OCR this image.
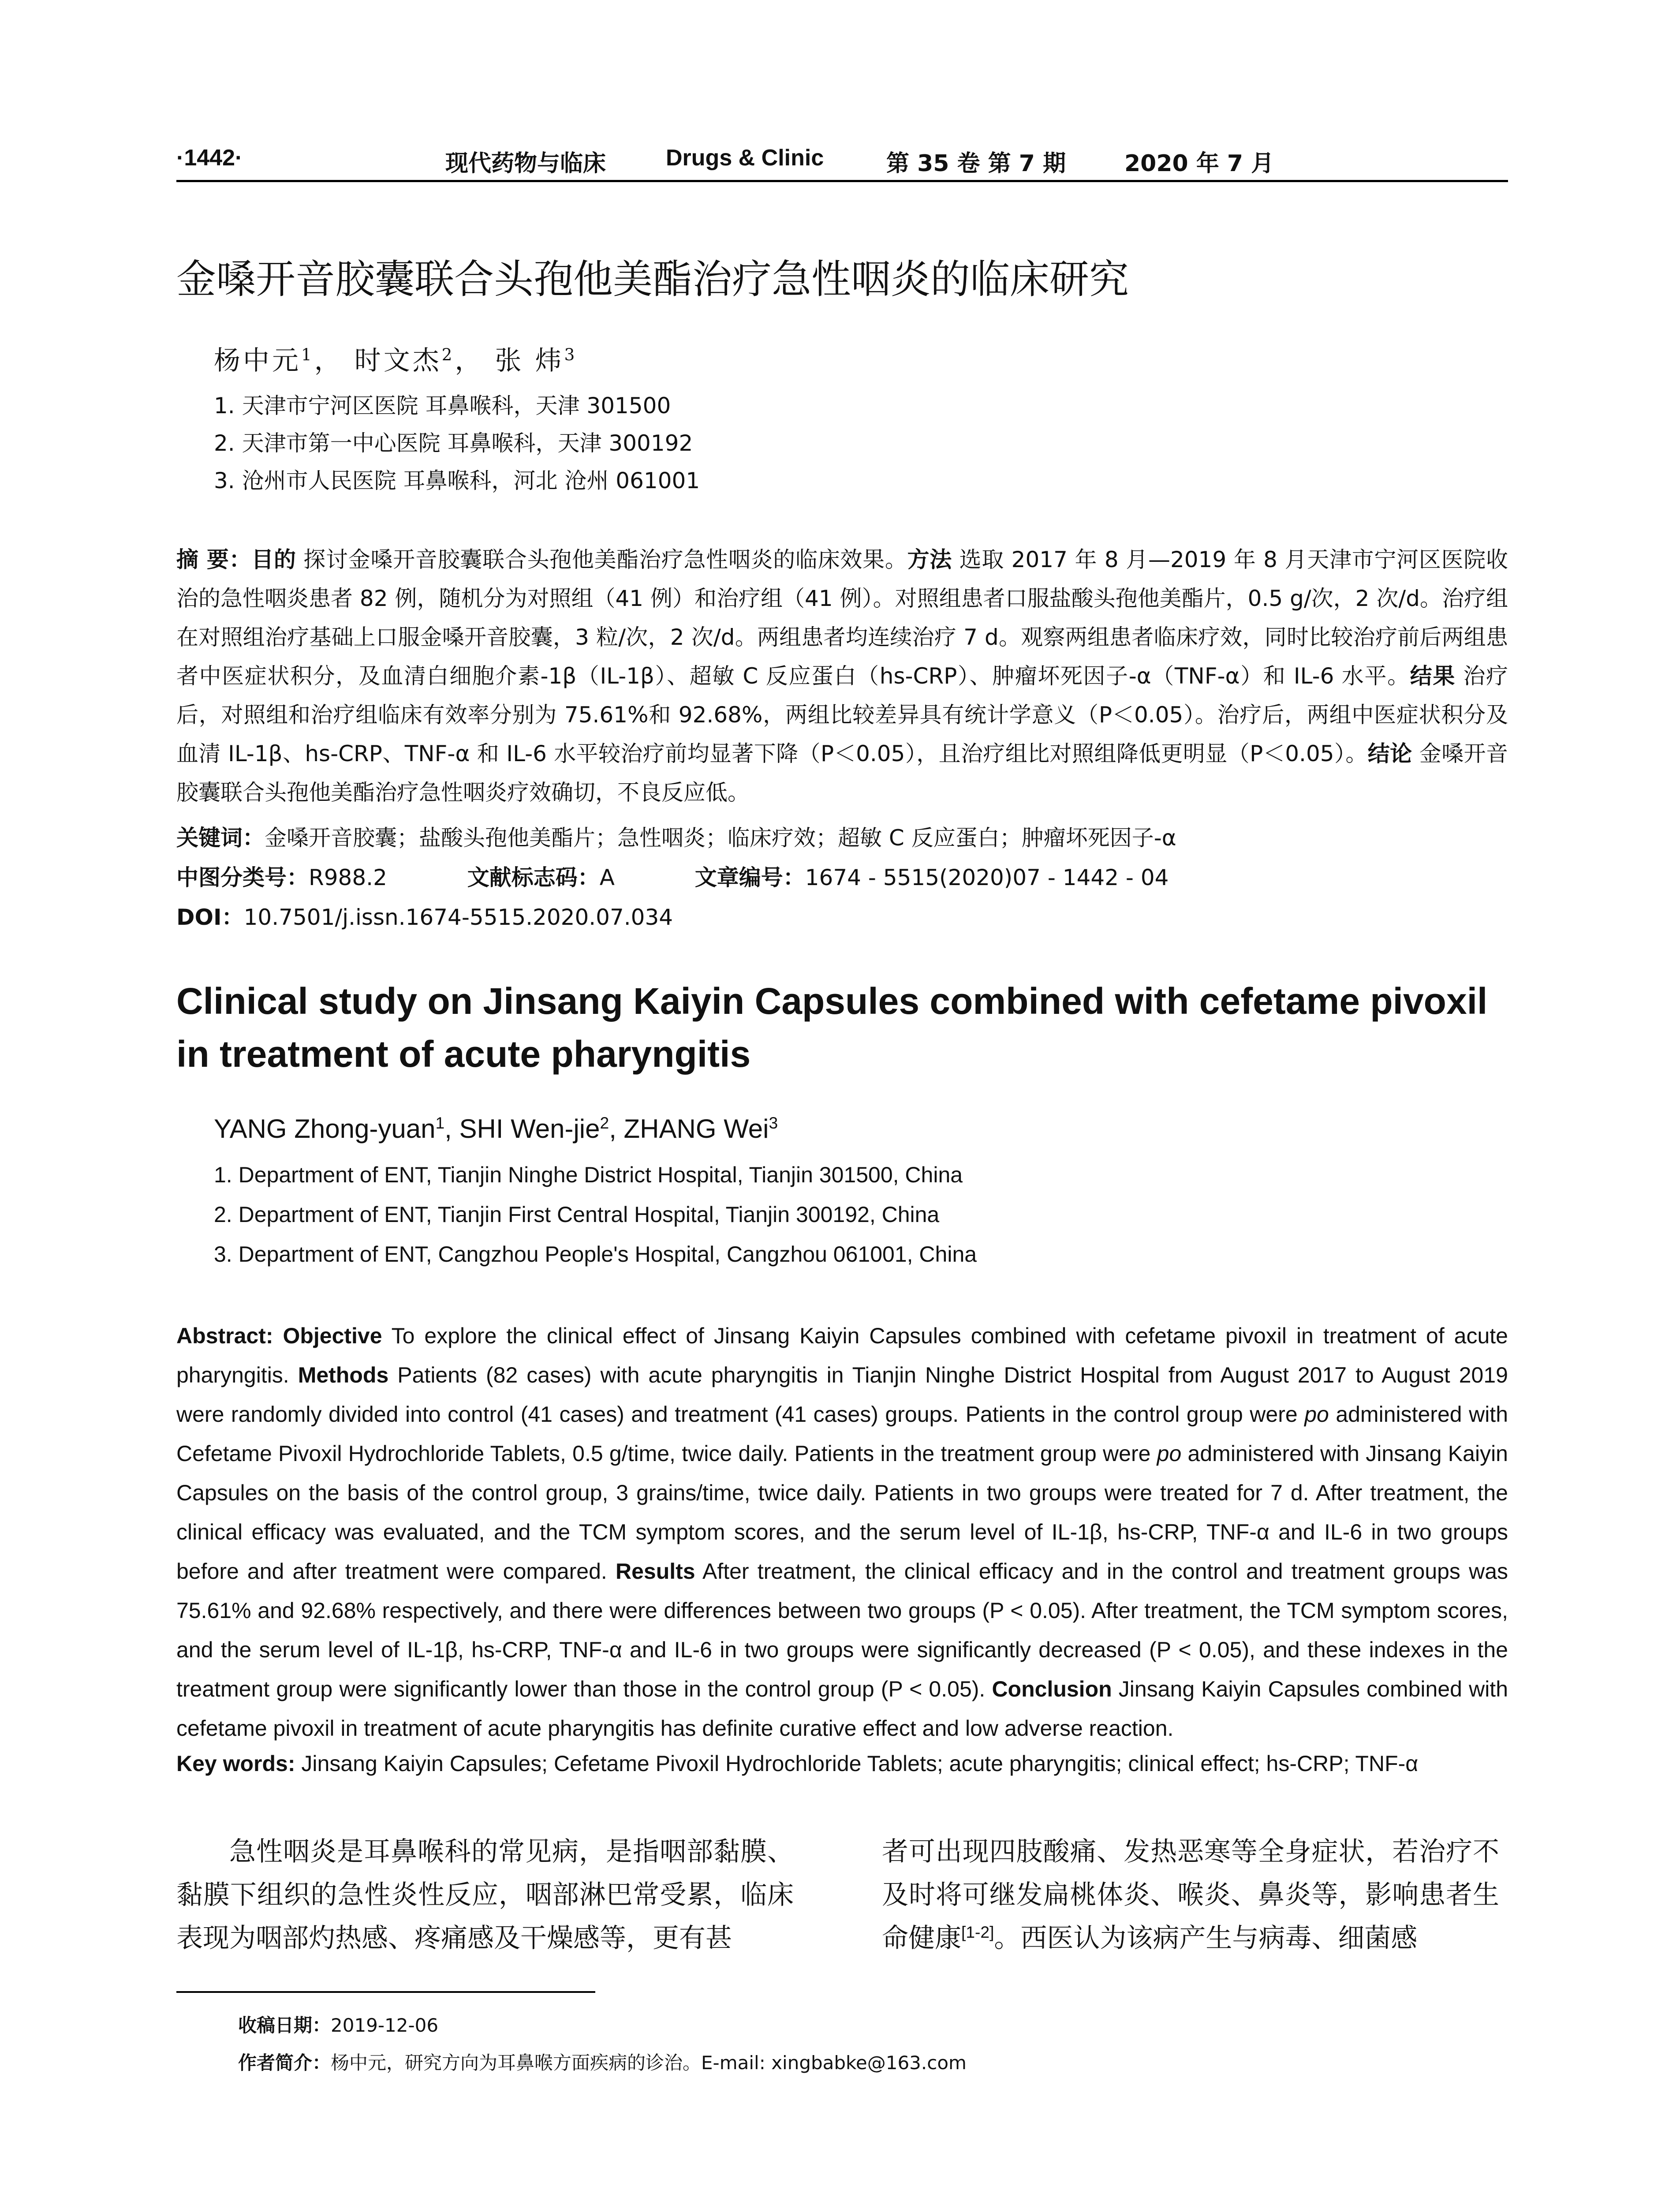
·1442·	现代药物与临床	Drugs & Clinic	第 35 卷 第 7 期	2020 年 7 月
金嗓开音胶囊联合头孢他美酯治疗急性咽炎的临床研究
杨中元$^1$， 时文杰$^2$， 张 炜$^3$
1. 天津市宁河区医院 耳鼻喉科，天津 301500
2. 天津市第一中心医院 耳鼻喉科，天津 300192
3. 沧州市人民医院 耳鼻喉科，河北 沧州 061001
摘 要：目的 探讨金嗓开音胶囊联合头孢他美酯治疗急性咽炎的临床效果。方法 选取 2017 年 8 月—2019 年 8 月天津市宁河区医院收治的急性咽炎患者 82 例，随机分为对照组（41 例）和治疗组（41 例）。对照组患者口服盐酸头孢他美酯片，0.5 g/次，2 次/d。治疗组在对照组治疗基础上口服金嗓开音胶囊，3 粒/次，2 次/d。两组患者均连续治疗 7 d。观察两组患者临床疗效，同时比较治疗前后两组患者中医症状积分，及血清白细胞介素-1β（IL-1β）、超敏 C 反应蛋白（hs-CRP）、肿瘤坏死因子-α（TNF-α）和 IL-6 水平。结果 治疗后，对照组和治疗组临床有效率分别为 75.61%和 92.68%，两组比较差异具有统计学意义（P＜0.05）。治疗后，两组中医症状积分及血清 IL-1β、hs-CRP、TNF-α 和 IL-6 水平较治疗前均显著下降（P＜0.05），且治疗组比对照组降低更明显（P＜0.05）。结论 金嗓开音胶囊联合头孢他美酯治疗急性咽炎疗效确切，不良反应低。
关键词：金嗓开音胶囊；盐酸头孢他美酯片；急性咽炎；临床疗效；超敏 C 反应蛋白；肿瘤坏死因子-α
中图分类号：R988.2	文献标志码：A	文章编号：1674 - 5515(2020)07 - 1442 - 04
DOI：10.7501/j.issn.1674-5515.2020.07.034
Clinical study on Jinsang Kaiyin Capsules combined with cefetame pivoxil in treatment of acute pharyngitis
YANG Zhong-yuan$^1$, SHI Wen-jie$^2$, ZHANG Wei$^3$
1. Department of ENT, Tianjin Ninghe District Hospital, Tianjin 301500, China
2. Department of ENT, Tianjin First Central Hospital, Tianjin 300192, China
3. Department of ENT, Cangzhou People's Hospital, Cangzhou 061001, China
Abstract: Objective To explore the clinical effect of Jinsang Kaiyin Capsules combined with cefetame pivoxil in treatment of acute pharyngitis. Methods Patients (82 cases) with acute pharyngitis in Tianjin Ninghe District Hospital from August 2017 to August 2019 were randomly divided into control (41 cases) and treatment (41 cases) groups. Patients in the control group were po administered with Cefetame Pivoxil Hydrochloride Tablets, 0.5 g/time, twice daily. Patients in the treatment group were po administered with Jinsang Kaiyin Capsules on the basis of the control group, 3 grains/time, twice daily. Patients in two groups were treated for 7 d. After treatment, the clinical efficacy was evaluated, and the TCM symptom scores, and the serum level of IL-1β, hs-CRP, TNF-α and IL-6 in two groups before and after treatment were compared. Results After treatment, the clinical efficacy and in the control and treatment groups was 75.61% and 92.68% respectively, and there were differences between two groups (P < 0.05). After treatment, the TCM symptom scores, and the serum level of IL-1β, hs-CRP, TNF-α and IL-6 in two groups were significantly decreased (P < 0.05), and these indexes in the treatment group were significantly lower than those in the control group (P < 0.05). Conclusion Jinsang Kaiyin Capsules combined with cefetame pivoxil in treatment of acute pharyngitis has definite curative effect and low adverse reaction.
Key words: Jinsang Kaiyin Capsules; Cefetame Pivoxil Hydrochloride Tablets; acute pharyngitis; clinical effect; hs-CRP; TNF-α
急性咽炎是耳鼻喉科的常见病，是指咽部黏膜、黏膜下组织的急性炎性反应，咽部淋巴常受累，临床表现为咽部灼热感、疼痛感及干燥感等，更有甚
者可出现四肢酸痛、发热恶寒等全身症状，若治疗不及时将可继发扁桃体炎、喉炎、鼻炎等，影响患者生命健康[1-2]。西医认为该病产生与病毒、细菌感
收稿日期：2019-12-06
作者简介：杨中元，研究方向为耳鼻喉方面疾病的诊治。E-mail: xingbabke@163.com
